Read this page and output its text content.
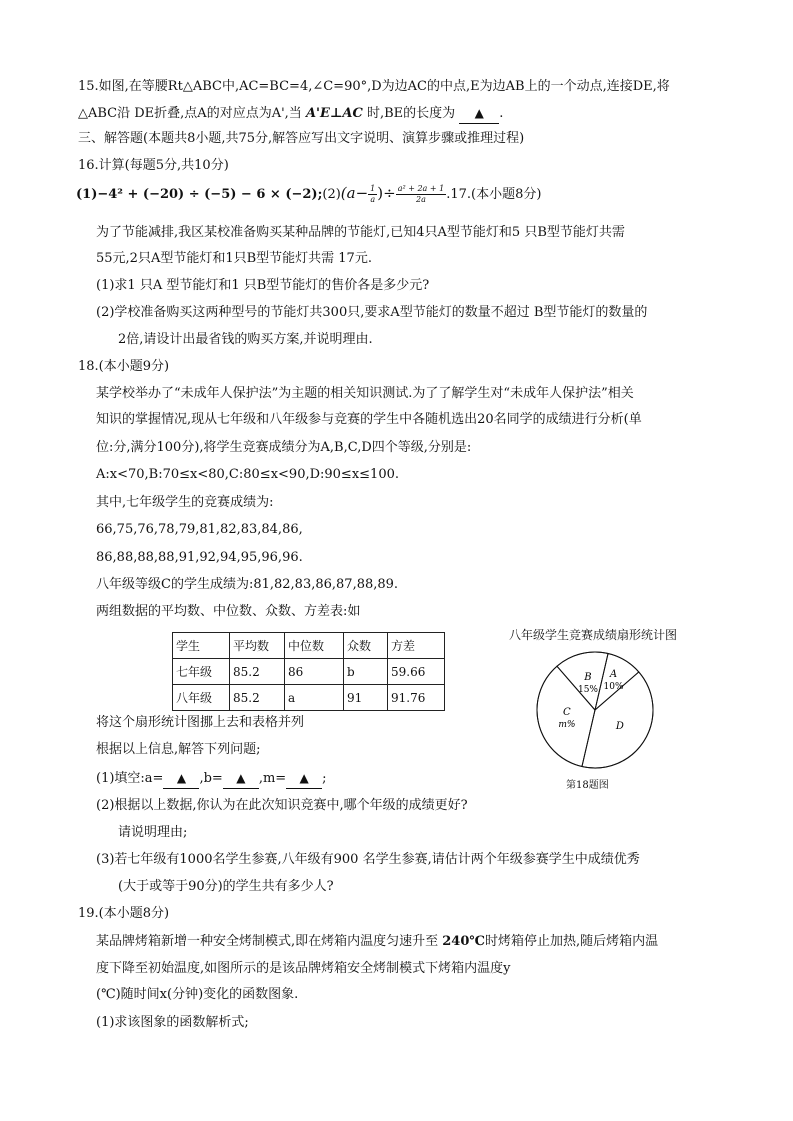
15.如图,在等腰Rt△ABC中,AC=BC=4,∠C=90°,D为边AC的中点,E为边AB上的一个动点,连接DE,将
△ABC沿 DE折叠,点A的对应点为A',当 A'E⊥AC 时,BE的长度为 ▲ .
三、解答题(本题共8小题,共75分,解答应写出文字说明、演算步骤或推理过程)
16.计算(每题5分,共10分)
(1)−4² + (−20) ÷ (−5) − 6 × (−2);(2)(a− $\frac{1}{a}$ )÷ $\frac{\text{a² + 2a + 1}}{2a} .17$.(本小题8分)
为了节能减排,我区某校准备购买某种品牌的节能灯,已知4只A型节能灯和5 只B型节能灯共需
55元,2只A型节能灯和1只B型节能灯共需 17元.
(1)求1 只A 型节能灯和1 只B型节能灯的售价各是多少元?
(2)学校准备购买这两种型号的节能灯共300只,要求A型节能灯的数量不超过 B型节能灯的数量的
2倍,请设计出最省钱的购买方案,并说明理由.
18.(本小题9分)
某学校举办了“未成年人保护法”为主题的相关知识测试.为了了解学生对“未成年人保护法”相关
知识的掌握情况,现从七年级和八年级参与竞赛的学生中各随机选出20名同学的成绩进行分析(单
位:分,满分100分),将学生竞赛成绩分为A,B,C,D四个等级,分别是:
A:x<70,B:70≤x<80,C:80≤x<90,D:90≤x≤100.
其中,七年级学生的竞赛成绩为:
66,75,76,78,79,81,82,83,84,86,
86,88,88,88,91,92,94,95,96,96.
八年级等级C的学生成绩为:81,82,83,86,87,88,89.
两组数据的平均数、中位数、众数、方差表:如
学生	平均数	中位数	众数	方差
七年级	85.2	86	b	59.66
八年级	85.2	a	91	91.76
八年级学生竞赛成绩扇形统计图
A
10%
D
C
m%
B
15%
第18题图
将这个扇形统计图挪上去和表格并列
根据以上信息,解答下列问题;
(1)填空:a= ▲ ,b= ▲ ,m= ▲ ;
(2)根据以上数据,你认为在此次知识竞赛中,哪个年级的成绩更好?
请说明理由;
(3)若七年级有1000名学生参赛,八年级有900 名学生参赛,请估计两个年级参赛学生中成绩优秀
(大于或等于90分)的学生共有多少人?
19.(本小题8分)
某品牌烤箱新增一种安全烤制模式,即在烤箱内温度匀速升至 240℃时烤箱停止加热,随后烤箱内温
度下降至初始温度,如图所示的是该品牌烤箱安全烤制模式下烤箱内温度y
(℃)随时间x(分钟)变化的函数图象.
(1)求该图象的函数解析式;
